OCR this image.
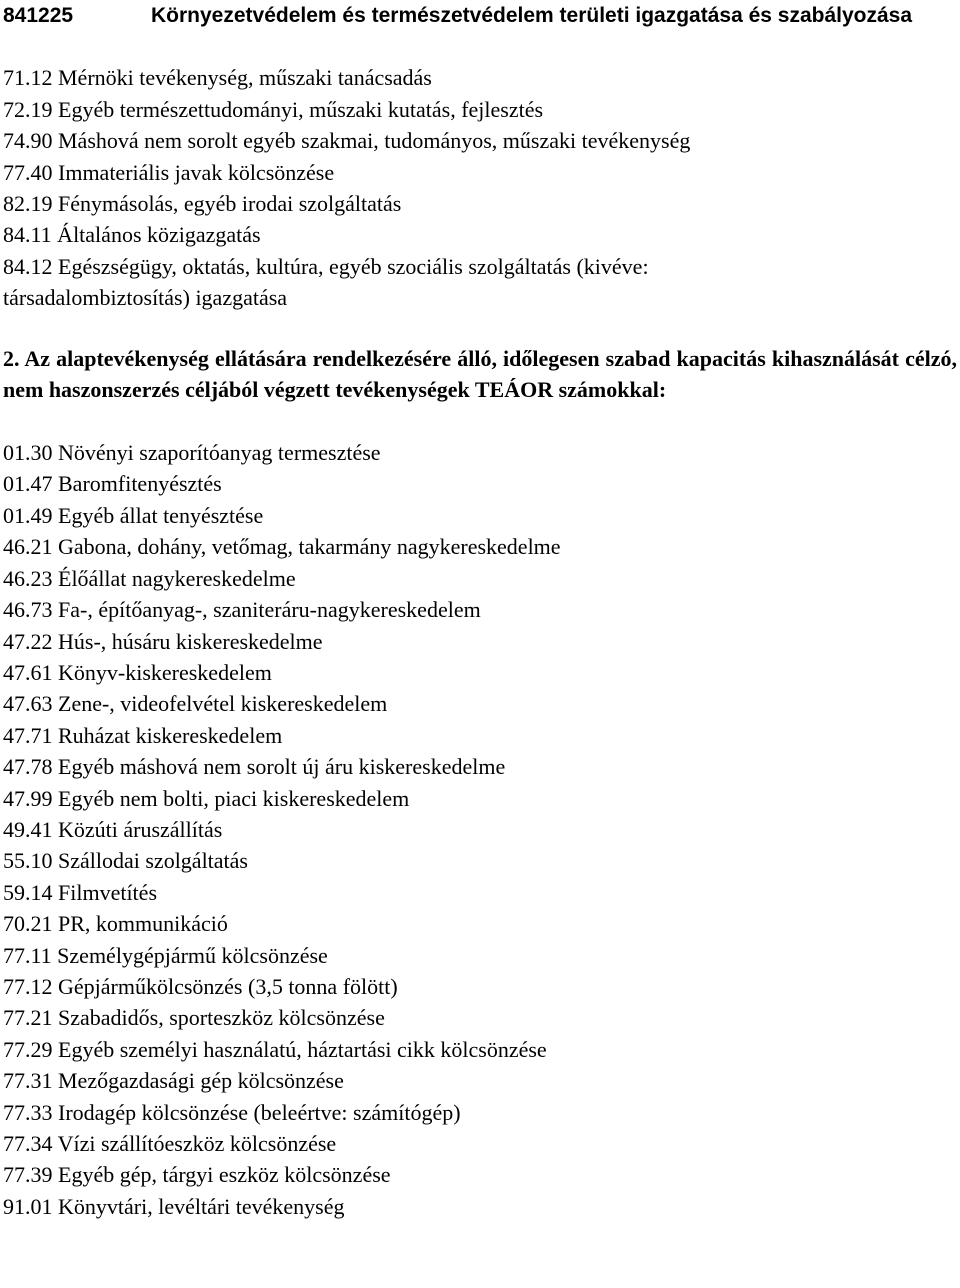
841225	Környezetvédelem és természetvédelem területi igazgatása és szabályozása

71.12 Mérnöki tevékenység, műszaki tanácsadás
72.19 Egyéb természettudományi, műszaki kutatás, fejlesztés
74.90 Máshová nem sorolt egyéb szakmai, tudományos, műszaki tevékenység
77.40 Immateriális javak kölcsönzése
82.19 Fénymásolás, egyéb irodai szolgáltatás
84.11 Általános közigazgatás
84.12 Egészségügy, oktatás, kultúra, egyéb szociális szolgáltatás (kivéve:
társadalombiztosítás) igazgatása

2. Az alaptevékenység ellátására rendelkezésére álló, időlegesen szabad kapacitás kihasználását célzó, nem haszonszerzés céljából végzett tevékenységek TEÁOR számokkal:

01.30 Növényi szaporítóanyag termesztése
01.47 Baromfitenyésztés
01.49 Egyéb állat tenyésztése
46.21 Gabona, dohány, vetőmag, takarmány nagykereskedelme
46.23 Élőállat nagykereskedelme
46.73 Fa-, építőanyag-, szaniteráru-nagykereskedelem
47.22 Hús-, húsáru kiskereskedelme
47.61 Könyv-kiskereskedelem
47.63 Zene-, videofelvétel kiskereskedelem
47.71 Ruházat kiskereskedelem
47.78 Egyéb máshová nem sorolt új áru kiskereskedelme
47.99 Egyéb nem bolti, piaci kiskereskedelem
49.41 Közúti áruszállítás
55.10 Szállodai szolgáltatás
59.14 Filmvetítés
70.21 PR, kommunikáció
77.11 Személygépjármű kölcsönzése
77.12 Gépjárműkölcsönzés (3,5 tonna fölött)
77.21 Szabadidős, sporteszköz kölcsönzése
77.29 Egyéb személyi használatú, háztartási cikk kölcsönzése
77.31 Mezőgazdasági gép kölcsönzése
77.33 Irodagép kölcsönzése (beleértve: számítógép)
77.34 Vízi szállítóeszköz kölcsönzése
77.39 Egyéb gép, tárgyi eszköz kölcsönzése
91.01 Könyvtári, levéltári tevékenység
